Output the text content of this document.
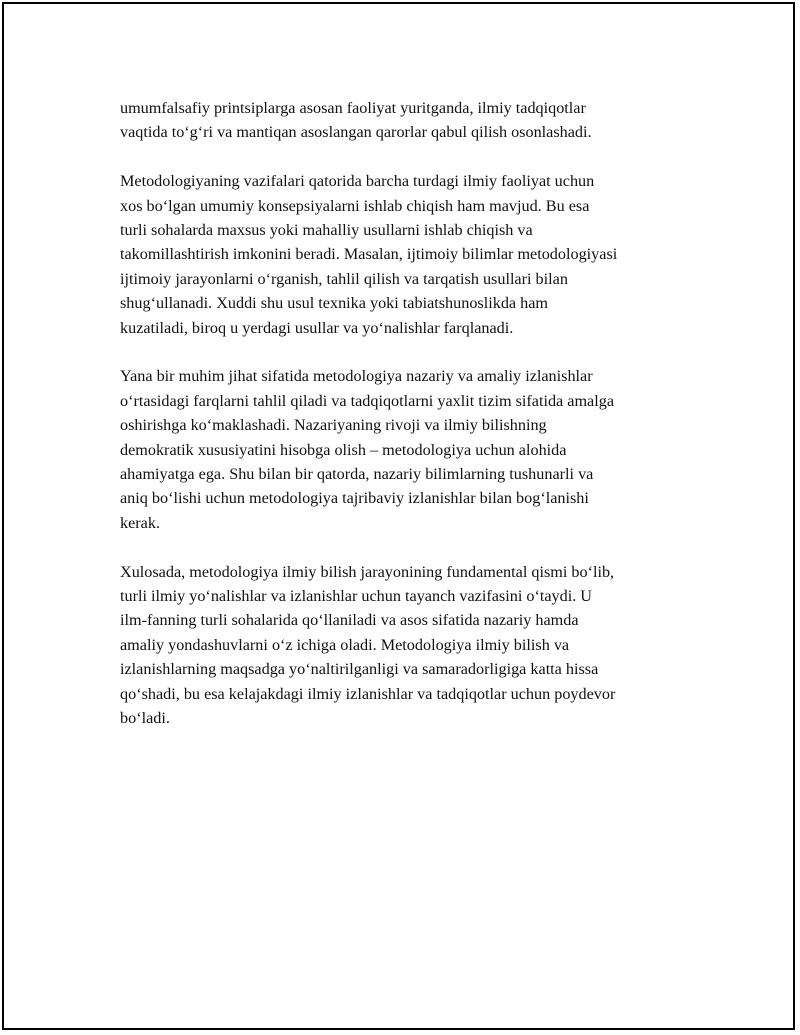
umumfalsafiy printsiplarga asosan faoliyat yuritganda, ilmiy tadqiqotlar
vaqtida to‘g‘ri va mantiqan asoslangan qarorlar qabul qilish osonlashadi.

Metodologiyaning vazifalari qatorida barcha turdagi ilmiy faoliyat uchun
xos bo‘lgan umumiy konsepsiyalarni ishlab chiqish ham mavjud. Bu esa
turli sohalarda maxsus yoki mahalliy usullarni ishlab chiqish va
takomillashtirish imkonini beradi. Masalan, ijtimoiy bilimlar metodologiyasi
ijtimoiy jarayonlarni o‘rganish, tahlil qilish va tarqatish usullari bilan
shug‘ullanadi. Xuddi shu usul texnika yoki tabiatshunoslikda ham
kuzatiladi, biroq u yerdagi usullar va yo‘nalishlar farqlanadi.

Yana bir muhim jihat sifatida metodologiya nazariy va amaliy izlanishlar
o‘rtasidagi farqlarni tahlil qiladi va tadqiqotlarni yaxlit tizim sifatida amalga
oshirishga ko‘maklashadi. Nazariyaning rivoji va ilmiy bilishning
demokratik xususiyatini hisobga olish – metodologiya uchun alohida
ahamiyatga ega. Shu bilan bir qatorda, nazariy bilimlarning tushunarli va
aniq bo‘lishi uchun metodologiya tajribaviy izlanishlar bilan bog‘lanishi
kerak.

Xulosada, metodologiya ilmiy bilish jarayonining fundamental qismi bo‘lib,
turli ilmiy yo‘nalishlar va izlanishlar uchun tayanch vazifasini o‘taydi. U
ilm-fanning turli sohalarida qo‘llaniladi va asos sifatida nazariy hamda
amaliy yondashuvlarni o‘z ichiga oladi. Metodologiya ilmiy bilish va
izlanishlarning maqsadga yo‘naltirilganligi va samaradorligiga katta hissa
qo‘shadi, bu esa kelajakdagi ilmiy izlanishlar va tadqiqotlar uchun poydevor
bo‘ladi.
